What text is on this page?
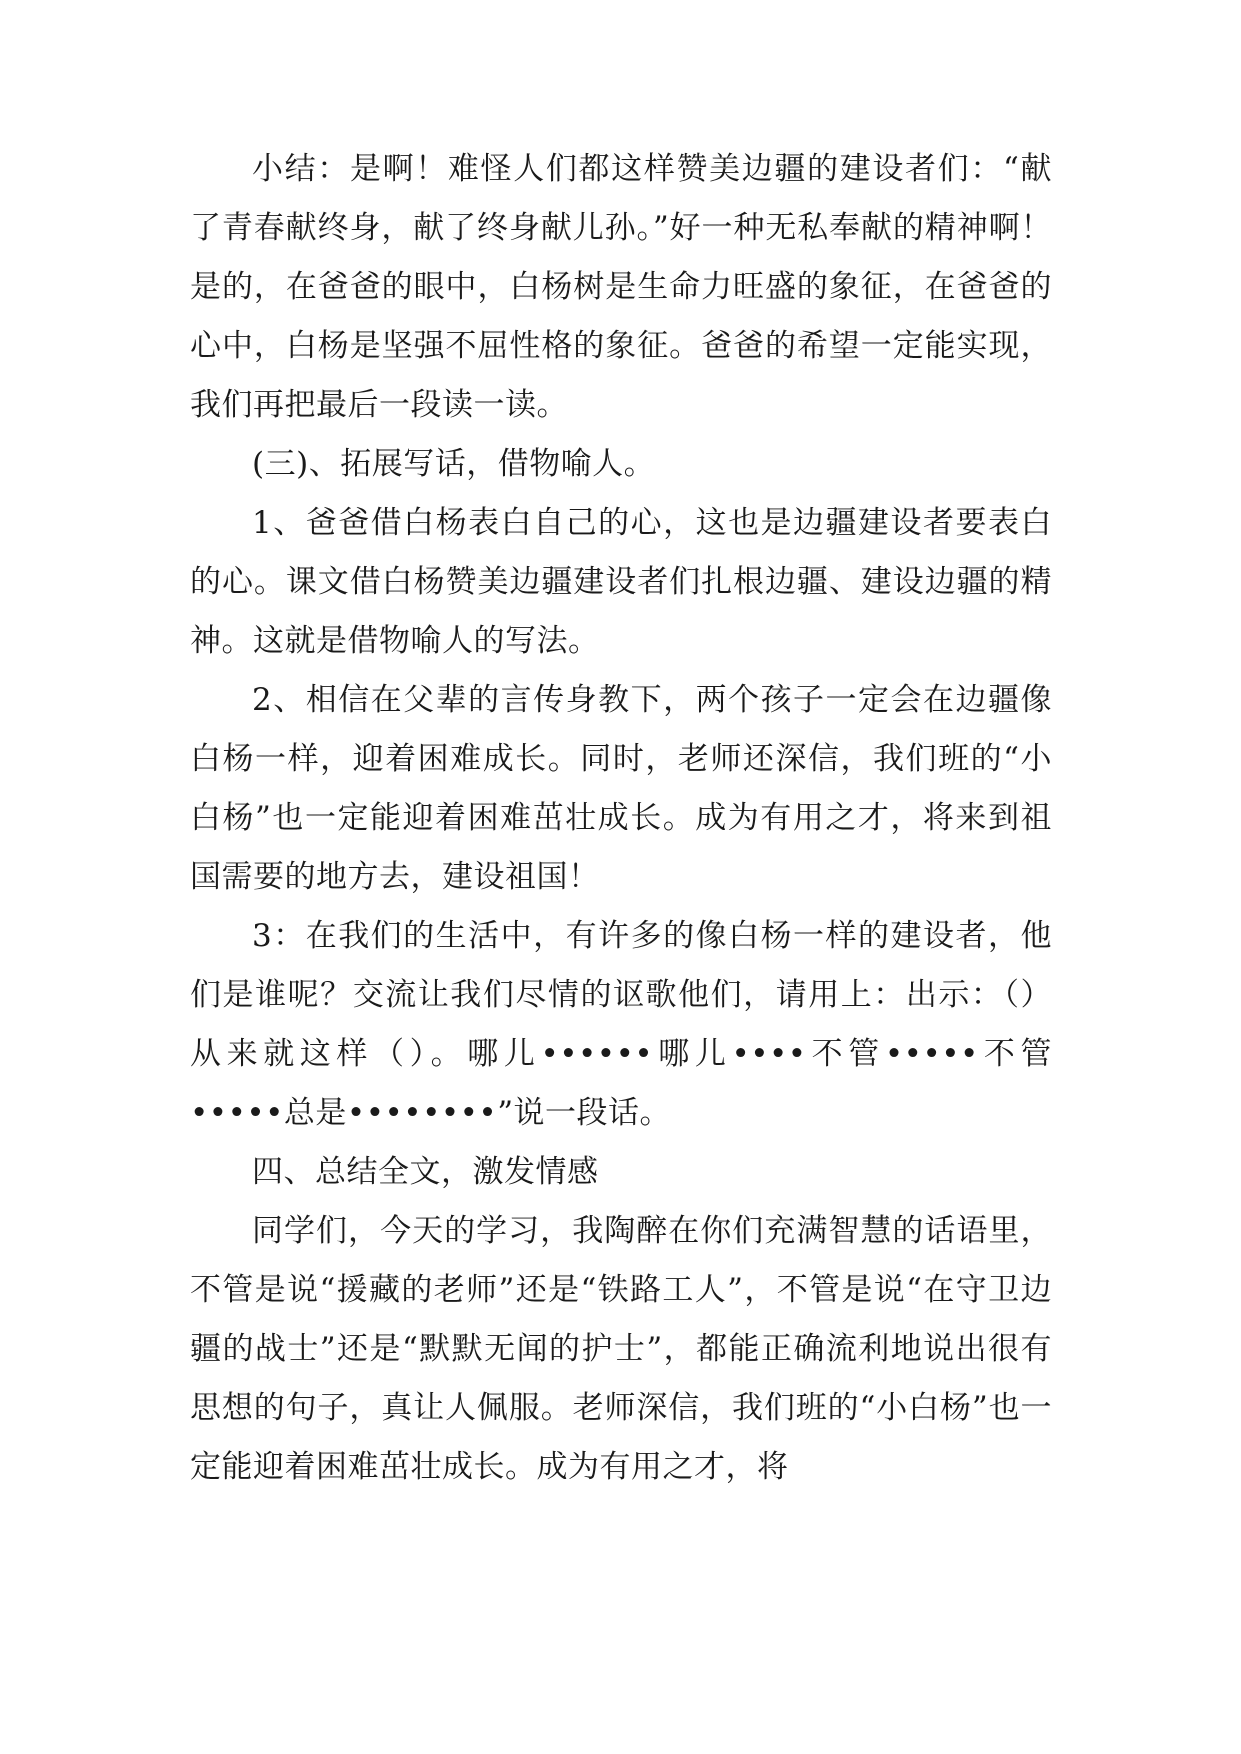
小结：是啊！难怪人们都这样赞美边疆的建设者们：“献了青春献终身，献了终身献儿孙。”好一种无私奉献的精神啊！是的，在爸爸的眼中，白杨树是生命力旺盛的象征，在爸爸的心中，白杨是坚强不屈性格的象征。爸爸的希望一定能实现，我们再把最后一段读一读。

(三)、拓展写话，借物喻人。

1、爸爸借白杨表白自己的心，这也是边疆建设者要表白的心。课文借白杨赞美边疆建设者们扎根边疆、建设边疆的精神。这就是借物喻人的写法。

2、相信在父辈的言传身教下，两个孩子一定会在边疆像白杨一样，迎着困难成长。同时，老师还深信，我们班的“小白杨”也一定能迎着困难茁壮成长。成为有用之才，将来到祖国需要的地方去，建设祖国！

3：在我们的生活中，有许多的像白杨一样的建设者，他们是谁呢？交流让我们尽情的讴歌他们，请用上：出示：（）从来就这样（）。哪儿••••••哪儿••••不管•••••不管•••••总是••••••••”说一段话。

四、总结全文，激发情感

同学们，今天的学习，我陶醉在你们充满智慧的话语里，不管是说“援藏的老师”还是“铁路工人”，不管是说“在守卫边疆的战士”还是“默默无闻的护士”，都能正确流利地说出很有思想的句子，真让人佩服。老师深信，我们班的“小白杨”也一定能迎着困难茁壮成长。成为有用之才，将
